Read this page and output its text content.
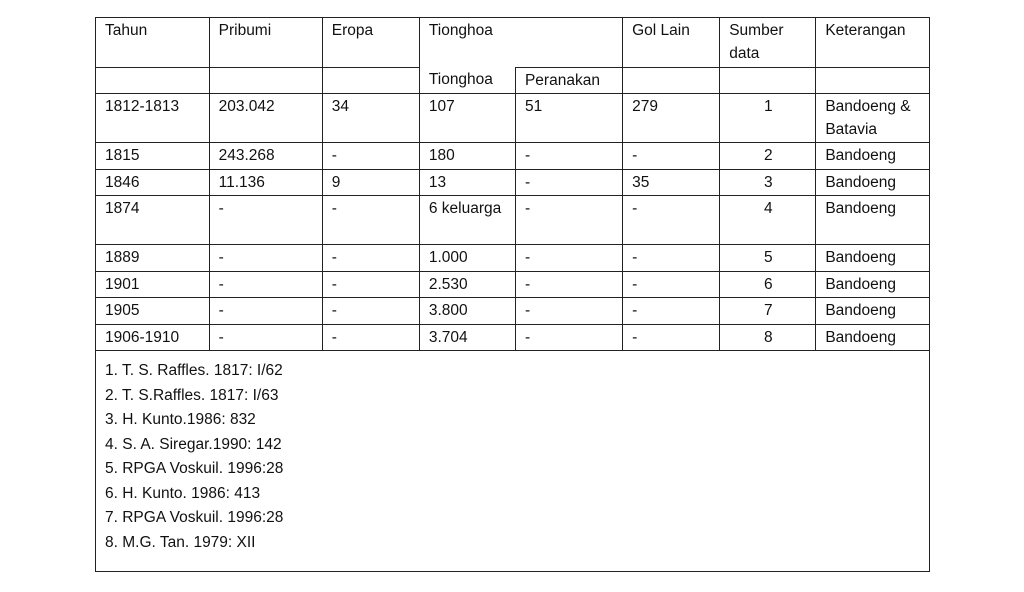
Tahun	Pribumi	Eropa	Tionghoa		Gol Lain	Sumber data	Keterangan
			Tionghoa	Peranakan			
1812-1813	203.042	34	107	51	279	1	Bandoeng & Batavia
1815	243.268	-	180	-	-	2	Bandoeng
1846	11.136	9	13	-	35	3	Bandoeng
1874	-	-	6 keluarga	-	-	4	Bandoeng
1889	-	-	1.000	-	-	5	Bandoeng
1901	-	-	2.530	-	-	6	Bandoeng
1905	-	-	3.800	-	-	7	Bandoeng
1906-1910	-	-	3.704	-	-	8	Bandoeng
1. T. S. Raffles. 1817: I/62
2. T. S.Raffles. 1817: I/63
3. H. Kunto.1986: 832
4. S. A. Siregar.1990: 142
5. RPGA Voskuil. 1996:28
6. H. Kunto. 1986: 413
7. RPGA Voskuil. 1996:28
8. M.G. Tan. 1979: XII
